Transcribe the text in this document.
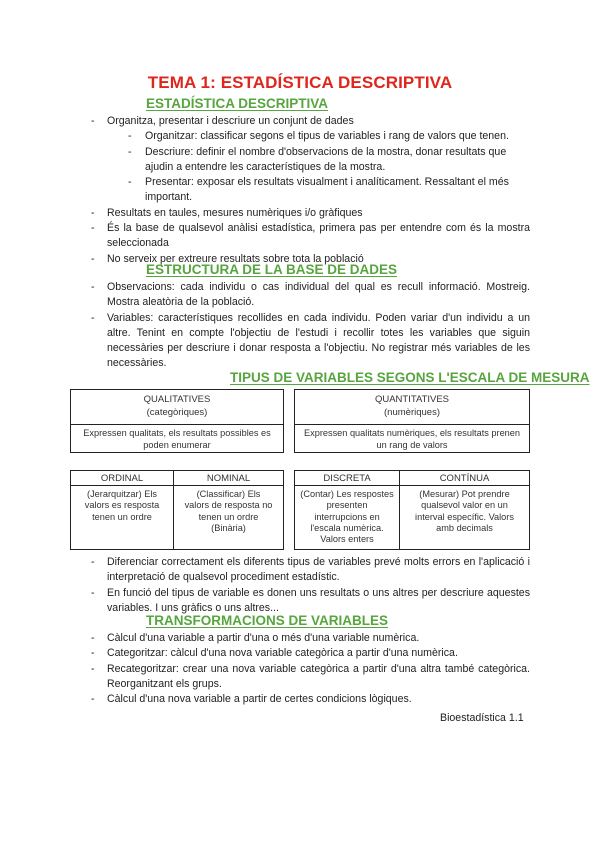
TEMA 1: ESTADÍSTICA DESCRIPTIVA
ESTADÍSTICA DESCRIPTIVA
- Organitza, presentar i descriure un conjunt de dades
- Organitzar: classificar segons el tipus de variables i rang de valors que tenen.
- Descriure: definir el nombre d'observacions de la mostra, donar resultats que ajudin a entendre les característiques de la mostra.
- Presentar: exposar els resultats visualment i analíticament. Ressaltant el més important.
- Resultats en taules, mesures numèriques i/o gràfiques
- És la base de qualsevol anàlisi estadística, primera pas per entendre com és la mostra seleccionada
- No serveix per extreure resultats sobre tota la població
ESTRUCTURA DE LA BASE DE DADES
- Observacions: cada individu o cas individual del qual es recull informació. Mostreig. Mostra aleatòria de la població.
- Variables: característiques recollides en cada individu. Poden variar d'un individu a un altre. Tenint en compte l'objectiu de l'estudi i recollir totes les variables que siguin necessàries per descriure i donar resposta a l'objectiu. No registrar més variables de les necessàries.
TIPUS DE VARIABLES SEGONS L'ESCALA DE MESURA
QUALITATIVES
(categòriques)
Expressen qualitats, els resultats possibles es poden enumerar
QUANTITATIVES
(numèriques)
Expressen qualitats numèriques, els resultats prenen un rang de valors
ORDINAL
(Jerarquitzar) Els valors es resposta tenen un ordre
NOMINAL
(Classificar) Els valors de resposta no tenen un ordre (Binària)
DISCRETA
(Contar) Les respostes presenten interrupcions en l'escala numèrica. Valors enters
CONTÍNUA
(Mesurar) Pot prendre qualsevol valor en un interval específic. Valors amb decimals
- Diferenciar correctament els diferents tipus de variables prevé molts errors en l'aplicació i interpretació de qualsevol procediment estadístic.
- En funció del tipus de variable es donen uns resultats o uns altres per descriure aquestes variables. I uns gràfics o uns altres...
TRANSFORMACIONS DE VARIABLES
- Càlcul d'una variable a partir d'una o més d'una variable numèrica.
- Categoritzar: càlcul d'una nova variable categòrica a partir d'una numèrica.
- Recategoritzar: crear una nova variable categòrica a partir d'una altra també categòrica. Reorganitzant els grups.
- Càlcul d'una nova variable a partir de certes condicions lògiques.
Bioestadística 1.1
